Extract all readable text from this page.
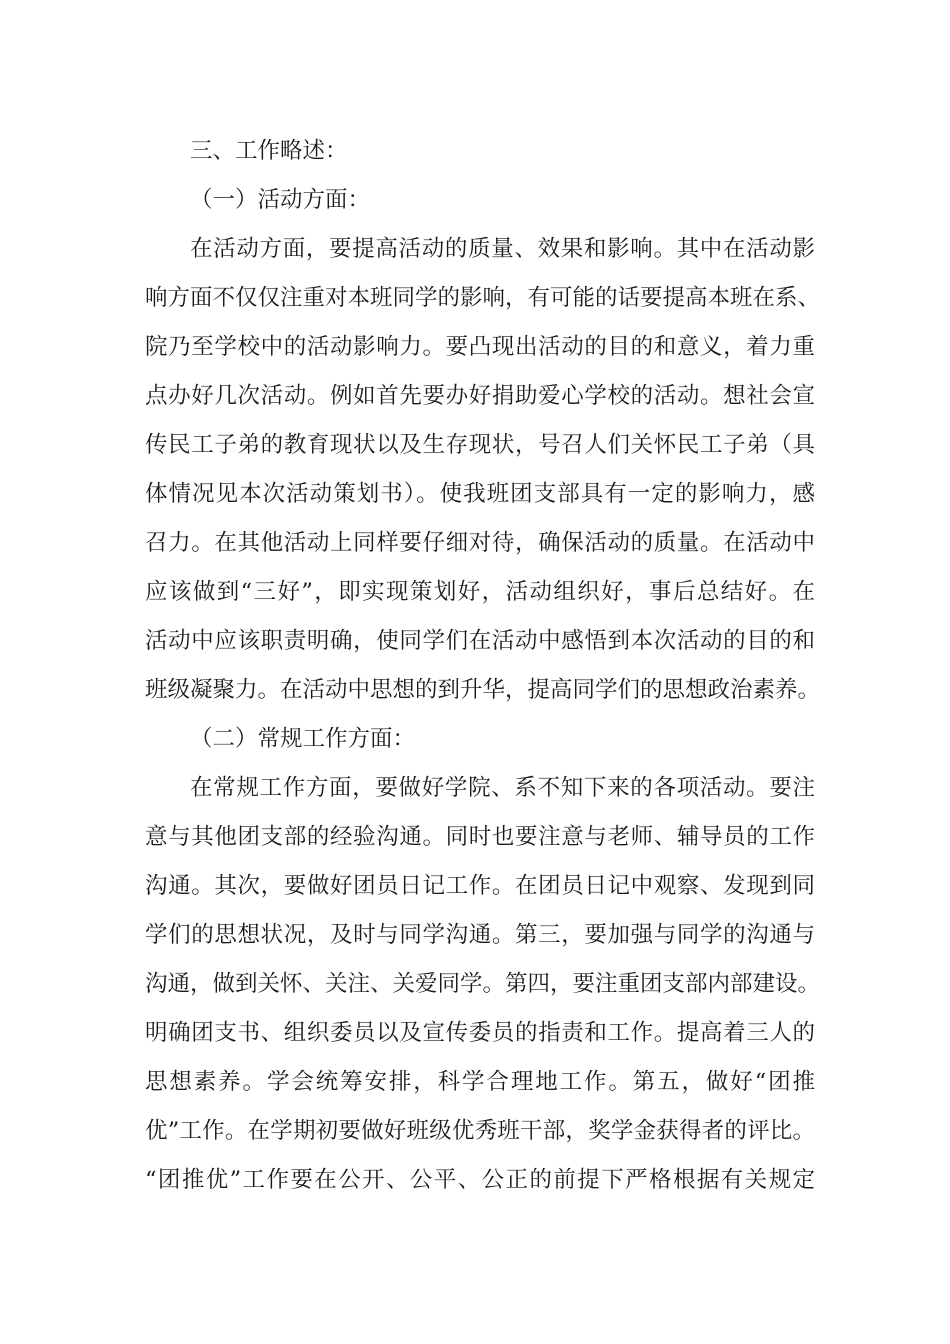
三、工作略述：
（一）活动方面：
在活动方面，要提高活动的质量、效果和影响。其中在活动影
响方面不仅仅注重对本班同学的影响，有可能的话要提高本班在系、
院乃至学校中的活动影响力。要凸现出活动的目的和意义，着力重
点办好几次活动。例如首先要办好捐助爱心学校的活动。想社会宣
传民工子弟的教育现状以及生存现状，号召人们关怀民工子弟（具
体情况见本次活动策划书）。使我班团支部具有一定的影响力，感
召力。在其他活动上同样要仔细对待，确保活动的质量。在活动中
应该做到“三好”，即实现策划好，活动组织好，事后总结好。在
活动中应该职责明确，使同学们在活动中感悟到本次活动的目的和
班级凝聚力。在活动中思想的到升华，提高同学们的思想政治素养。
（二）常规工作方面：
在常规工作方面，要做好学院、系不知下来的各项活动。要注
意与其他团支部的经验沟通。同时也要注意与老师、辅导员的工作
沟通。其次，要做好团员日记工作。在团员日记中观察、发现到同
学们的思想状况，及时与同学沟通。第三，要加强与同学的沟通与
沟通，做到关怀、关注、关爱同学。第四，要注重团支部内部建设。
明确团支书、组织委员以及宣传委员的指责和工作。提高着三人的
思想素养。学会统筹安排，科学合理地工作。第五，做好“团推
优”工作。在学期初要做好班级优秀班干部，奖学金获得者的评比。
“团推优”工作要在公开、公平、公正的前提下严格根据有关规定
